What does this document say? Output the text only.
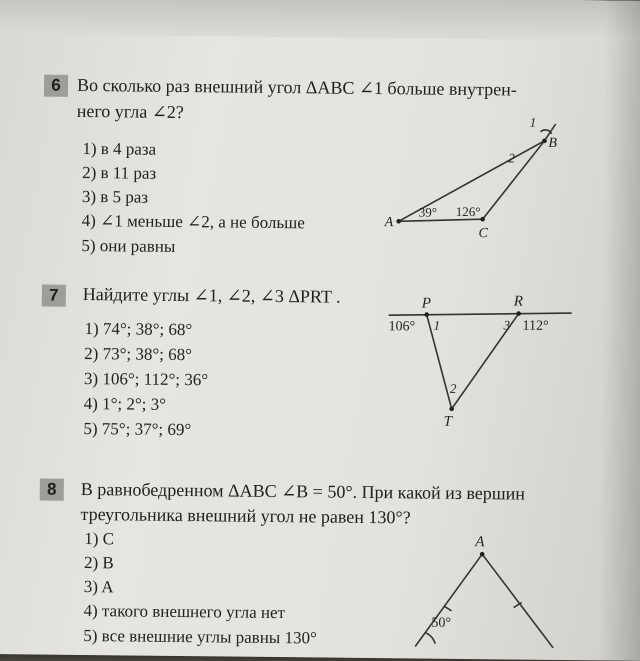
6 Во сколько раз внешний угол ΔABC ∠1 больше внутрен-
него угла ∠2?
1) в 4 раза
2) в 11 раз
3) в 5 раз
4) ∠1 меньше ∠2, а не больше
5) они равны
A
B
C
39° 126°
1
2
7	Найдите углы ∠1, ∠2, ∠3 ΔPRT .
1) 74°; 38°; 68°
2) 73°; 38°; 68°
3) 106°; 112°; 36°
4) 1°; 2°; 3°
5) 75°; 37°; 69°
P	R
T
106°	112°
1	3
2
8	В равнобедренном ΔABC ∠B = 50°. При какой из вершин
треугольника внешний угол не равен 130°?
1) C
2) B
3) A
4) такого внешнего угла нет
5) все внешние углы равны 130°
A
50°
